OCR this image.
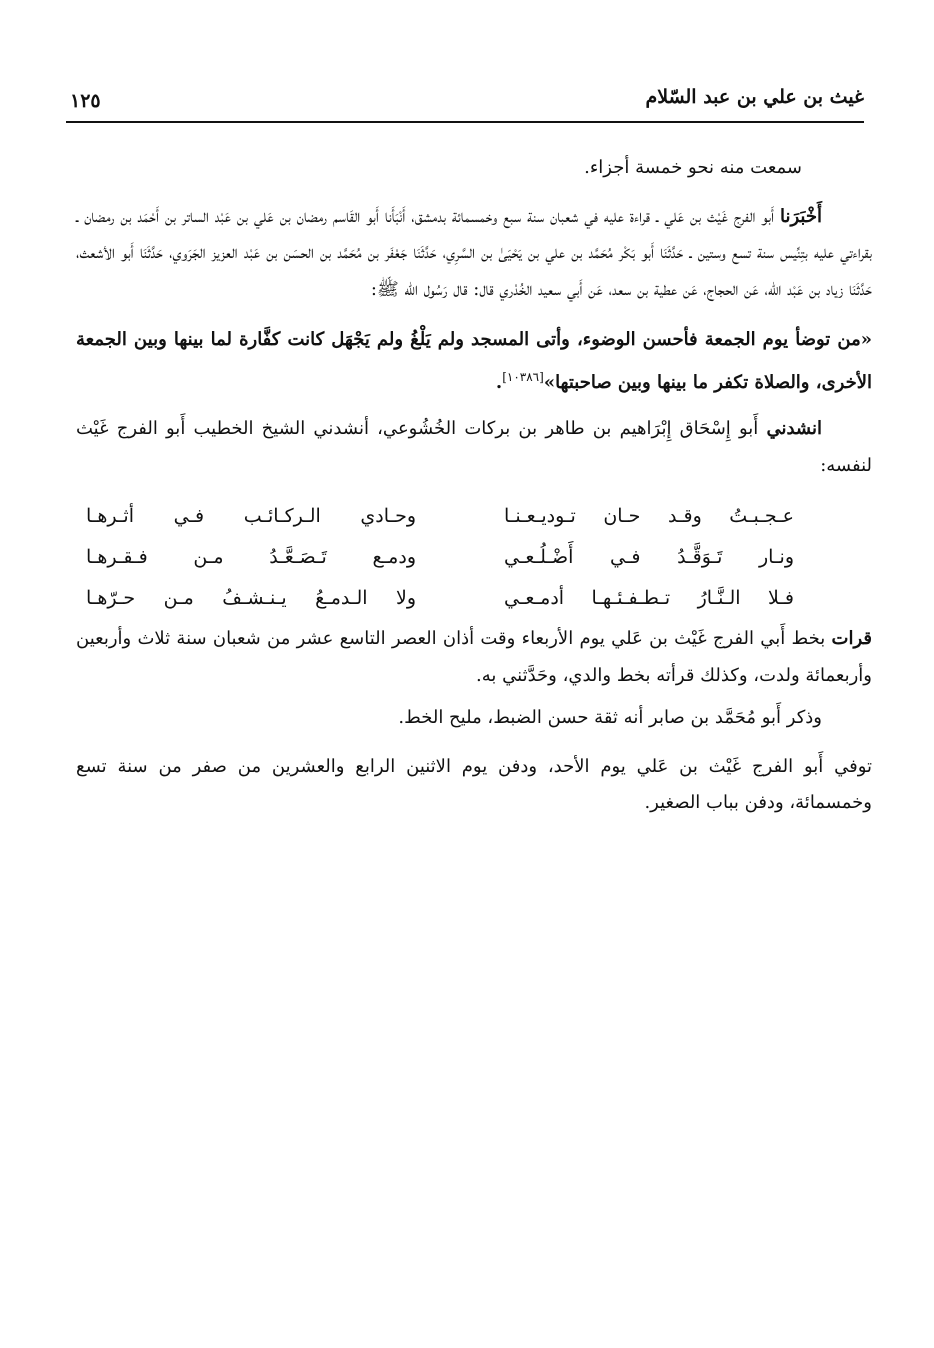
غيث بن علي بن عبد السّلام
١٢٥

سمعت منه نحو خمسة أجزاء.

أَخْبَرَنا أَبو الفرج غَيْث بن عَلي ـ قراءة عليه في شعبان سنة سبع وخمسمائة بدمشق، أَنْبَأَنا أَبو القَاسم رمضان بن عَلي بن عَبْد الساتر بن أَحْمَد بن رمضان ـ بقراءتي عليه بتِنِّيس سنة تسع وستين ـ حَدَّثَنَا أَبو بَكْر مُحَمَّد بن علي بن يَحْيَىٰ بن السَّرِي، حَدَّثَنَا جَعْفَر بن مُحَمَّد بن الحسَن بن عَبْد العزيز الجَرَوي، حَدَّثَنَا أَبو الأشعث، حَدَّثَنَا زياد بن عَبْد الله، عَن الحجاج، عَن عطية بن سعد، عَن أَبي سعيد الخُدْري قال: قال رَسُول الله ﷺ:

«من توضأ يوم الجمعة فأحسن الوضوء، وأتى المسجد ولم يَلْغُ ولم يَجْهَل كانت كفَّارة لما بينها وبين الجمعة الأخرى، والصلاة تكفر ما بينها وبين صاحبتها»[١٠٣٨٦].

انشدني أَبو إِسْحَاق إِبْرَاهيم بن طاهر بن بركات الخُشُوعي، أنشدني الشيخ الخطيب أَبو الفرج غَيْث لنفسه:

عـجـبـتُ وقـد حـان تـوديـعـنـا
وحـادي الـركـائـب فـي أثـرهـا
ونـار تَـوَقَّـدُ فـي أَضْـلُـعـي
ودمـع تَـصَـعَّـدُ مـن فـقـرهـا
فـلا الـنَّـارُ تـطـفـئـهـا أدمـعـي
ولا الـدمـعُ يـنـشـفُ مـن حـرّهـا

قرات بخط أَبي الفرج غَيْث بن عَلي يوم الأربعاء وقت أذان العصر التاسع عشر من شعبان سنة ثلاث وأربعين وأربعمائة ولدت، وكذلك قرأته بخط والدي، وحَدَّثني به.

وذكر أَبو مُحَمَّد بن صابر أنه ثقة حسن الضبط، مليح الخط.

توفي أَبو الفرج غَيْث بن عَلي يوم الأحد، ودفن يوم الاثنين الرابع والعشرين من صفر من سنة تسع وخمسمائة، ودفن بباب الصغير.
